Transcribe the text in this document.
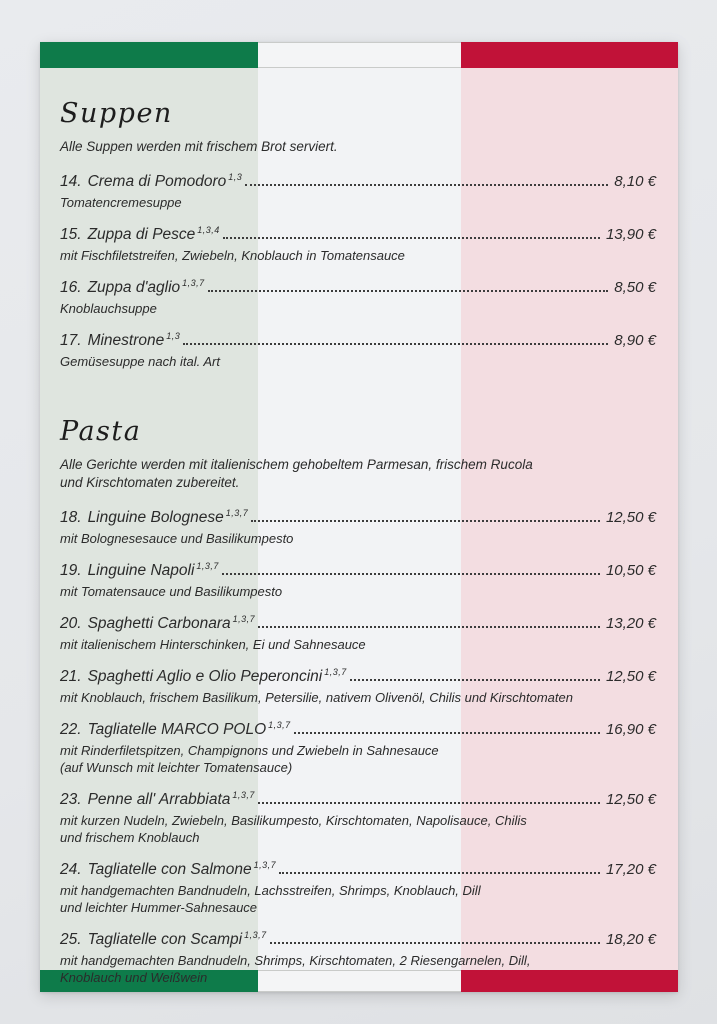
Suppen
Alle Suppen werden mit frischem Brot serviert.
14. Crema di Pomodoro 1,3	8,10 €
Tomatencremesuppe
15. Zuppa di Pesce 1,3,4	13,90 €
mit Fischfiletstreifen, Zwiebeln, Knoblauch in Tomatensauce
16. Zuppa d'aglio 1,3,7	8,50 €
Knoblauchsuppe
17. Minestrone 1,3	8,90 €
Gemüsesuppe nach ital. Art
Pasta
Alle Gerichte werden mit italienischem gehobeltem Parmesan, frischem Rucola
und Kirschtomaten zubereitet.
18. Linguine Bolognese 1,3,7	12,50 €
mit Bolognesesauce und Basilikumpesto
19. Linguine Napoli 1,3,7	10,50 €
mit Tomatensauce und Basilikumpesto
20. Spaghetti Carbonara 1,3,7	13,20 €
mit italienischem Hinterschinken, Ei und Sahnesauce
21. Spaghetti Aglio e Olio Peperoncini 1,3,7	12,50 €
mit Knoblauch, frischem Basilikum, Petersilie, nativem Olivenöl, Chilis und Kirschtomaten
22. Tagliatelle MARCO POLO 1,3,7	16,90 €
mit Rinderfiletspitzen, Champignons und Zwiebeln in Sahnesauce
(auf Wunsch mit leichter Tomatensauce)
23. Penne all' Arrabbiata 1,3,7	12,50 €
mit kurzen Nudeln, Zwiebeln, Basilikumpesto, Kirschtomaten, Napolisauce, Chilis
und frischem Knoblauch
24. Tagliatelle con Salmone 1,3,7	17,20 €
mit handgemachten Bandnudeln, Lachsstreifen, Shrimps, Knoblauch, Dill
und leichter Hummer-Sahnesauce
25. Tagliatelle con Scampi 1,3,7	18,20 €
mit handgemachten Bandnudeln, Shrimps, Kirschtomaten, 2 Riesengarnelen, Dill,
Knoblauch und Weißwein
